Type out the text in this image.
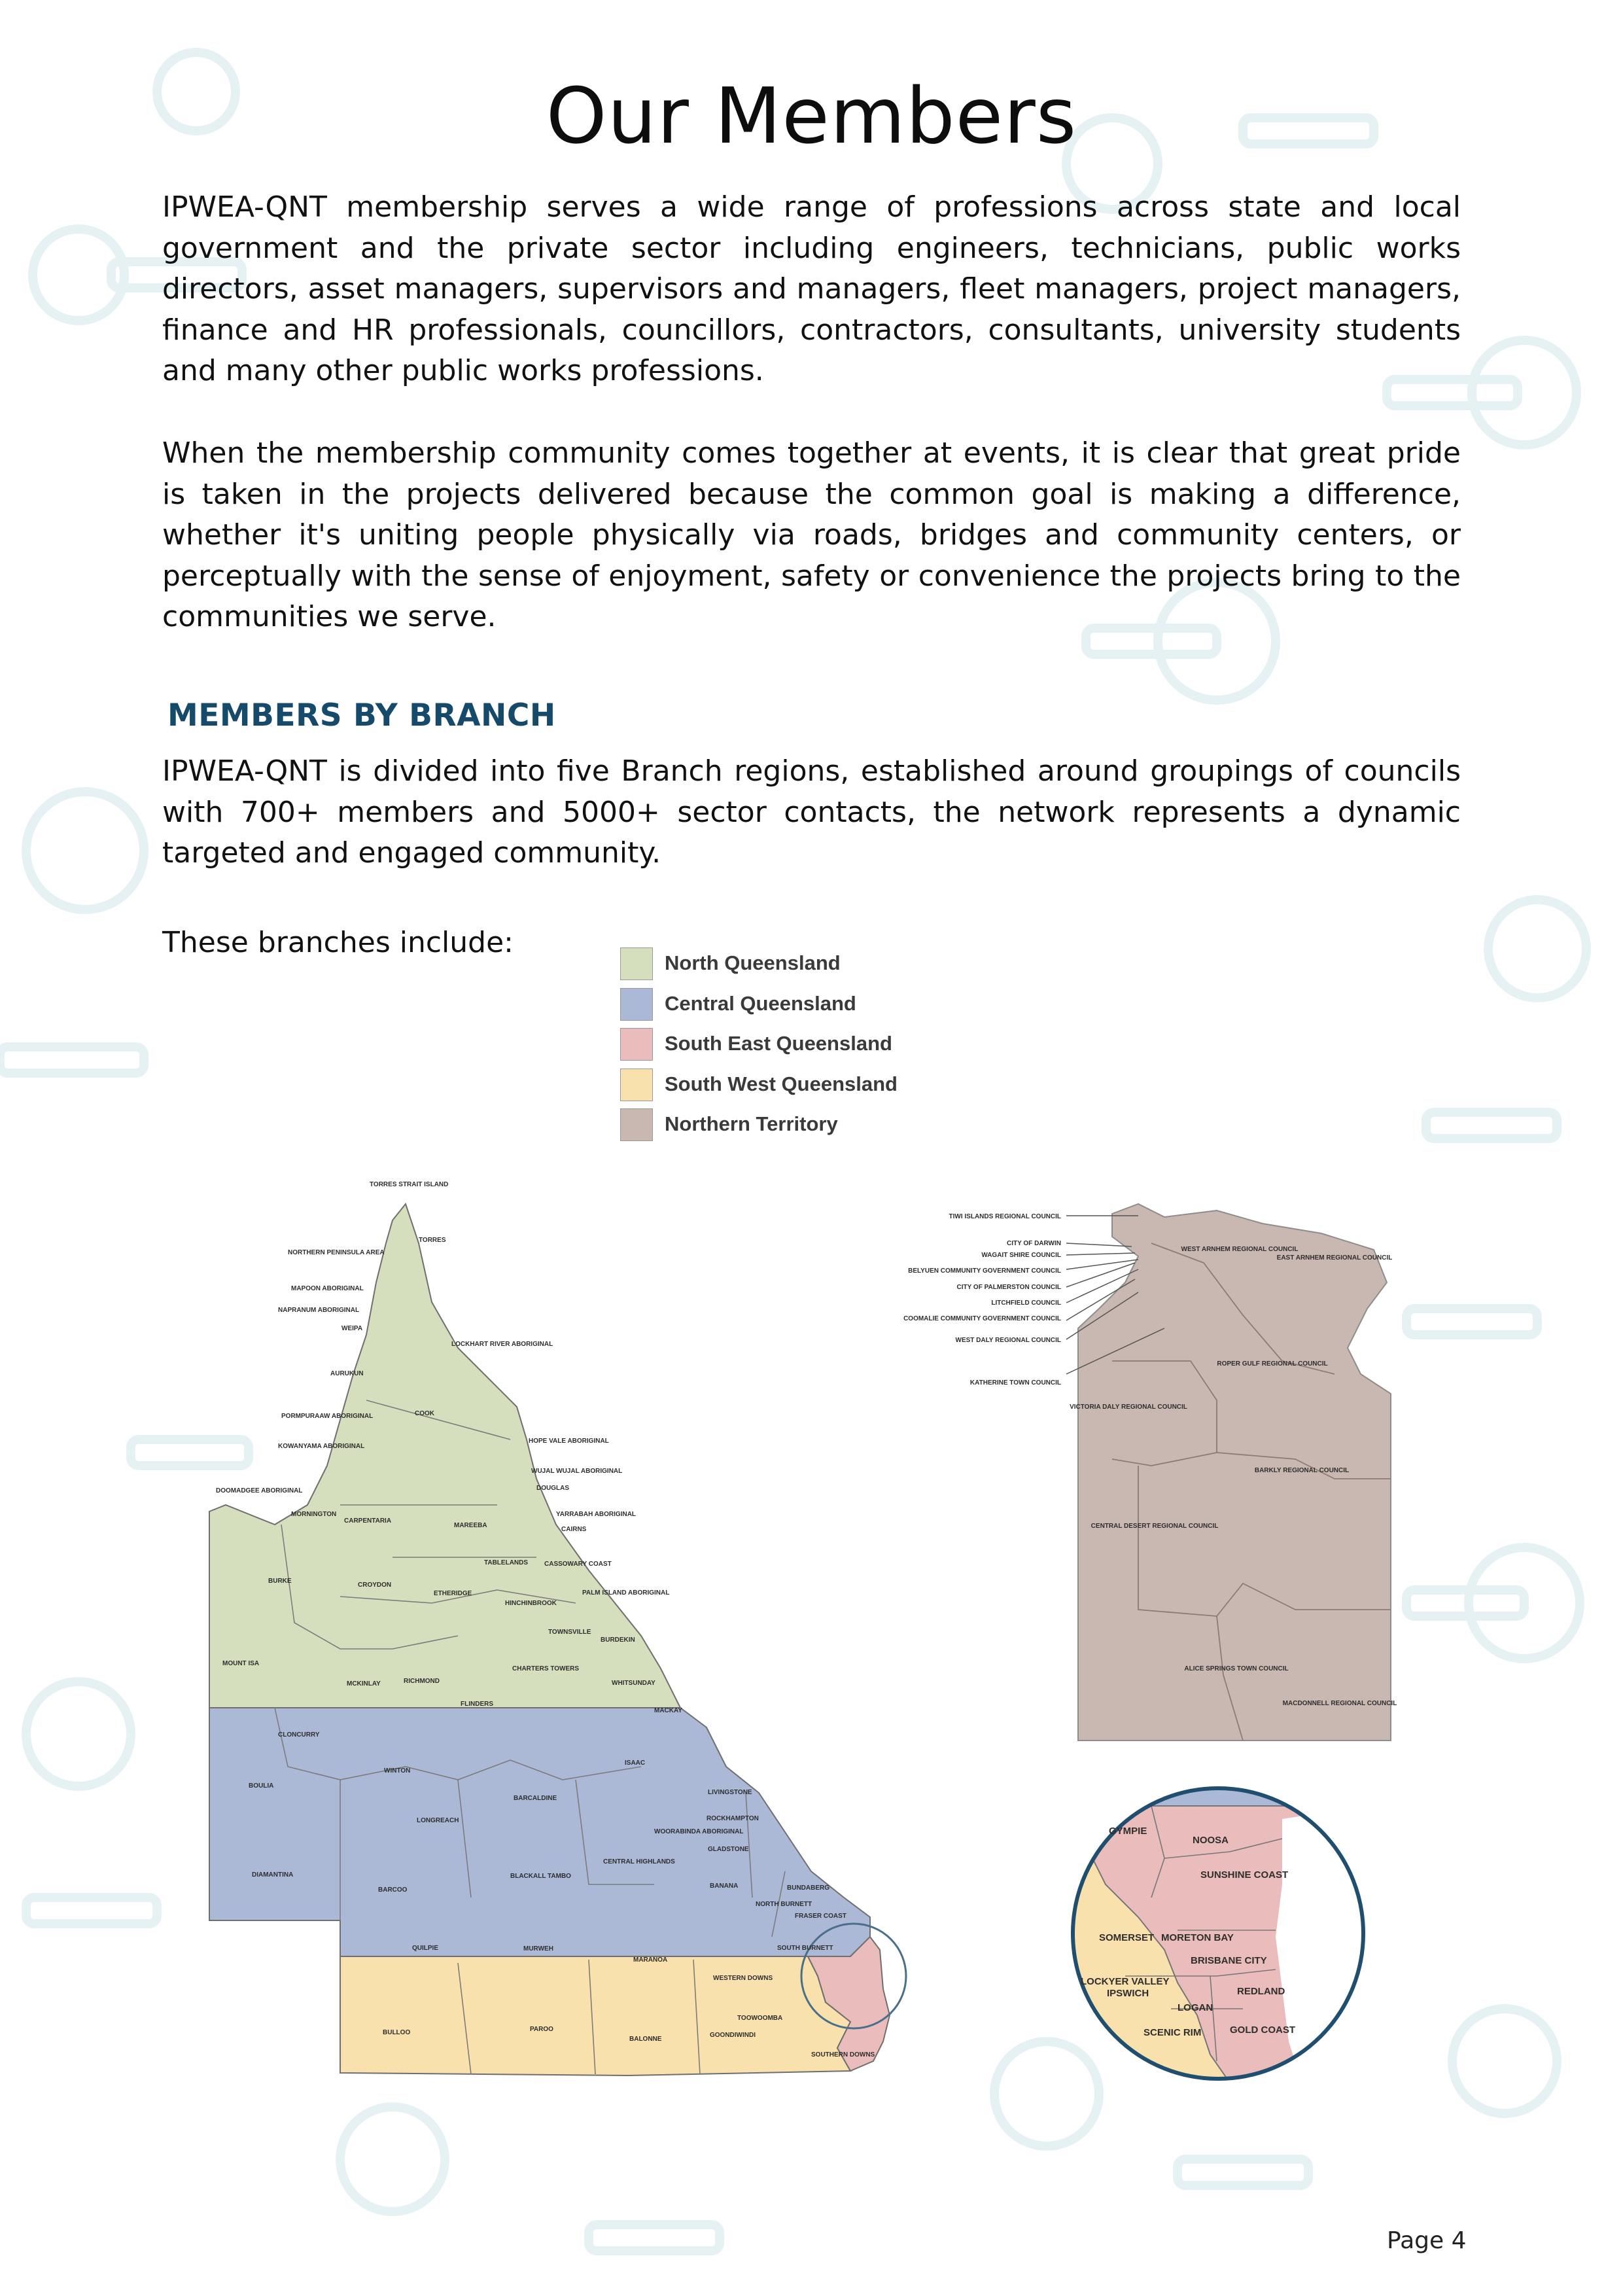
Our Members

IPWEA-QNT membership serves a wide range of professions across state and local government and the private sector including engineers, technicians, public works directors, asset managers, supervisors and managers, fleet managers, project managers, finance and HR professionals, councillors, contractors, consultants, university students and many other public works professions.

When the membership community comes together at events, it is clear that great pride is taken in the projects delivered because the common goal is making a difference, whether it's uniting people physically via roads, bridges and community centers, or perceptually with the sense of enjoyment, safety or convenience the projects bring to the communities we serve.

MEMBERS BY BRANCH

IPWEA-QNT is divided into five Branch regions, established around groupings of councils with 700+ members and 5000+ sector contacts, the network represents a dynamic targeted and engaged community.

These branches include:

North Queensland
Central Queensland
South East Queensland
South West Queensland
Northern Territory
TORRES STRAIT ISLAND
TORRES
NORTHERN PENINSULA AREA
MAPOON ABORIGINAL
NAPRANUM ABORIGINAL
WEIPA
LOCKHART RIVER ABORIGINAL
AURUKUN
PORMPURAAW ABORIGINAL	COOK
KOWANYAMA ABORIGINAL
HOPE VALE ABORIGINAL
WUJAL WUJAL ABORIGINAL
DOUGLAS
DOOMADGEE ABORIGINAL
MORNINGTON
CARPENTARIA
MAREEBA
YARRABAH ABORIGINAL
CAIRNS
TABLELANDS CASSOWARY COAST
BURKE
CROYDON
ETHERIDGE
HINCHINBROOK
PALM ISLAND ABORIGINAL
TOWNSVILLE
BURDEKIN
MOUNT ISA
CHARTERS TOWERS
MCKINLAY	RICHMOND
FLINDERS
WHITSUNDAY
MACKAY
CLONCURRY
ISAAC
BOULIA
WINTON
BARCALDINE
LIVINGSTONE
ROCKHAMPTON
LONGREACH
WOORABINDA ABORIGINAL
GLADSTONE
CENTRAL HIGHLANDS
DIAMANTINA	BLACKALL TAMBO
BANANA	BUNDABERG
BARCOO
NORTH BURNETT
FRASER COAST
QUILPIE	MURWEH
MARANOA
SOUTH BURNETT
WESTERN DOWNS
TOOWOOMBA
BULLOO	PAROO
BALONNE
GOONDIWINDI
SOUTHERN DOWNS
TIWI ISLANDS REGIONAL COUNCIL
CITY OF DARWIN
WAGAIT SHIRE COUNCIL
BELYUEN COMMUNITY GOVERNMENT COUNCIL
CITY OF PALMERSTON COUNCIL
LITCHFIELD COUNCIL
COOMALIE COMMUNITY GOVERNMENT COUNCIL
WEST DALY REGIONAL COUNCIL
KATHERINE TOWN COUNCIL
WEST ARNHEM REGIONAL COUNCIL
EAST ARNHEM REGIONAL COUNCIL
ROPER GULF REGIONAL COUNCIL
VICTORIA DALY REGIONAL COUNCIL
BARKLY REGIONAL COUNCIL
CENTRAL DESERT REGIONAL COUNCIL
ALICE SPRINGS TOWN COUNCIL
MACDONNELL REGIONAL COUNCIL
GYMPIE
NOOSA
SUNSHINE COAST
SOMERSET MORETON BAY
BRISBANE CITY
LOCKYER VALLEY
IPSWICH	REDLAND
LOGAN
SCENIC RIM	GOLD COAST
Page 4
